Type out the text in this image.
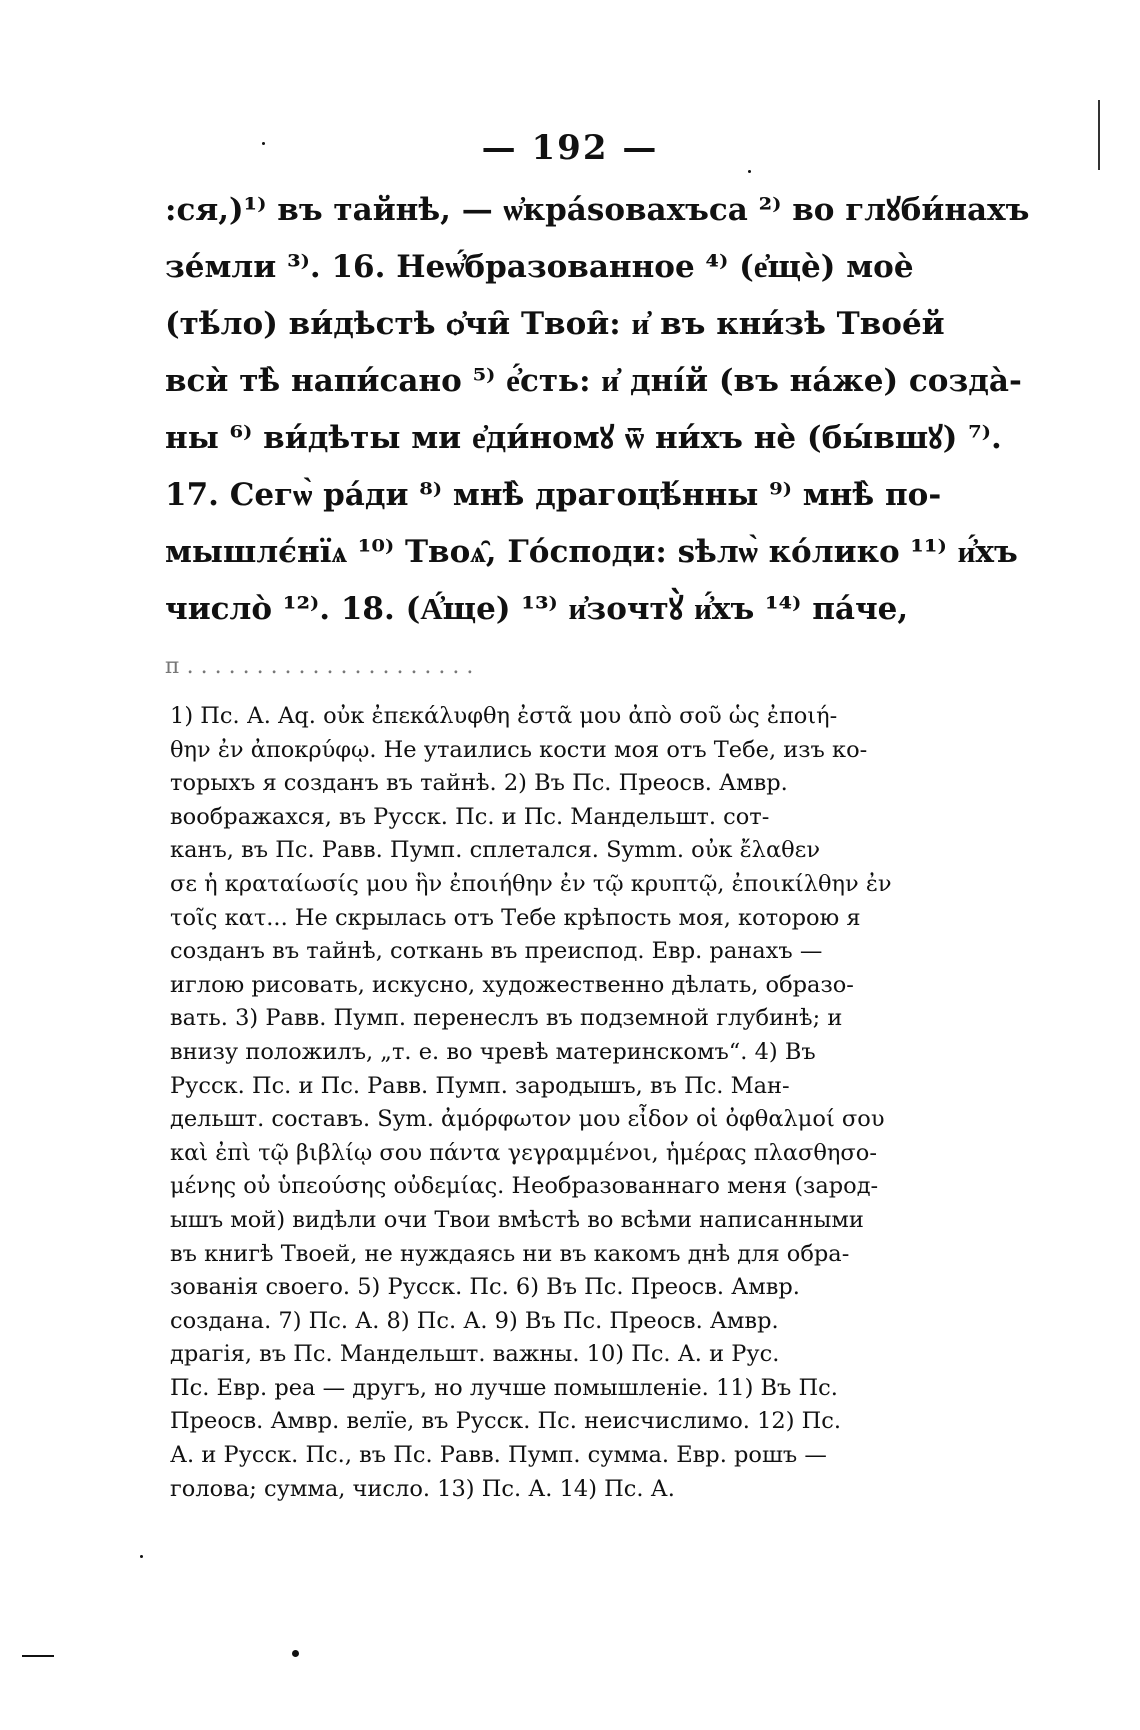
— 192 —
:ся,)¹⁾ въ тайнѣ, — ѡ̓кра́ѕовахъса ²⁾ во глꙋби́нахъ
зе́мли ³⁾. 16. Неѡ̓́бразованное ⁴⁾ (е҆щѐ) моѐ
(тѣ́ло) ви́дѣстѣ ѻ҆чи̑ Твои̑: и҆ въ кни́зѣ Твое́й
всѝ тѣ̀ напи́сано ⁵⁾ е҆́сть: и҆ дні́й (въ на́же) созда̀-
ны ⁶⁾ ви́дѣты ми е҆ди́номꙋ ѿ ни́хъ нѐ (бы́вшꙋ) ⁷⁾.
17. Сегѡ̀ ра́ди ⁸⁾ мнѣ̀ драгоцѣ́нны ⁹⁾ мнѣ̀ по-
мышлє́нїѧ ¹⁰⁾ Твоѧ̑, Го́споди: ѕѣлѡ̀ ко́лико ¹¹⁾ и҆́хъ
число̀ ¹²⁾. 18. (А҆́ще) ¹³⁾ и҆зочтꙋ̀ и҆́хъ ¹⁴⁾ па́че,
п . . . . . . . . . . . . . . . . . . . . .
1) Пс. А. Aq. οὐκ ἐπεκάλυφθη ἐστᾶ μου ἀπὸ σοῦ ὡς ἐποιή-
θην ἐν ἀποκρύφῳ. Не утаились кости моя отъ Тебе, изъ ко-
торыхъ я созданъ въ тайнѣ. 2) Въ Пс. Преосв. Амвр.
воображахся, въ Русск. Пс. и Пс. Мандельшт. сот-
канъ, въ Пс. Равв. Пумп. сплетался. Symm. οὐκ ἔλαθεν
σε ἡ κραταίωσίς μου ἣν ἐποιήθην ἐν τῷ κρυπτῷ, ἐποικίλθην ἐν
τοῖς κατ... Не скрылась отъ Тебе крѣпость моя, которою я
созданъ въ тайнѣ, соткань въ преиспод. Евр. ранахъ —
иглою рисовать, искусно, художественно дѣлать, образо-
вать. 3) Равв. Пумп. перенеслъ въ подземной глубинѣ; и
внизу положилъ, „т. е. во чревѣ материнскомъ“. 4) Въ
Русск. Пс. и Пс. Равв. Пумп. зародышъ, въ Пс. Ман-
дельшт. составъ. Sym. ἀμόρφωτον μου εἶδον οἱ ὀφθαλμοί σου
καὶ ἐπὶ τῷ βιβλίῳ σου πάντα γεγραμμένοι, ἡμέρας πλασθησο-
μένης οὐ ὑπεούσης οὐδεμίας. Необразованнаго меня (зарод-
ышъ мой) видѣли очи Твои вмѣстѣ во всѣми написанными
въ книгѣ Твоей, не нуждаясь ни въ какомъ днѣ для обра-
зованія своего. 5) Русск. Пс. 6) Въ Пс. Преосв. Амвр.
создана. 7) Пс. А. 8) Пс. А. 9) Въ Пс. Преосв. Амвр.
драгія, въ Пс. Мандельшт. важны. 10) Пс. А. и Рус.
Пс. Евр. реа — другъ, но лучше помышленіе. 11) Въ Пс.
Преосв. Амвр. велїе, въ Русск. Пс. неисчислимо. 12) Пс.
А. и Русск. Пс., въ Пс. Равв. Пумп. сумма. Евр. рошъ —
голова; сумма, число. 13) Пс. А. 14) Пс. А.
